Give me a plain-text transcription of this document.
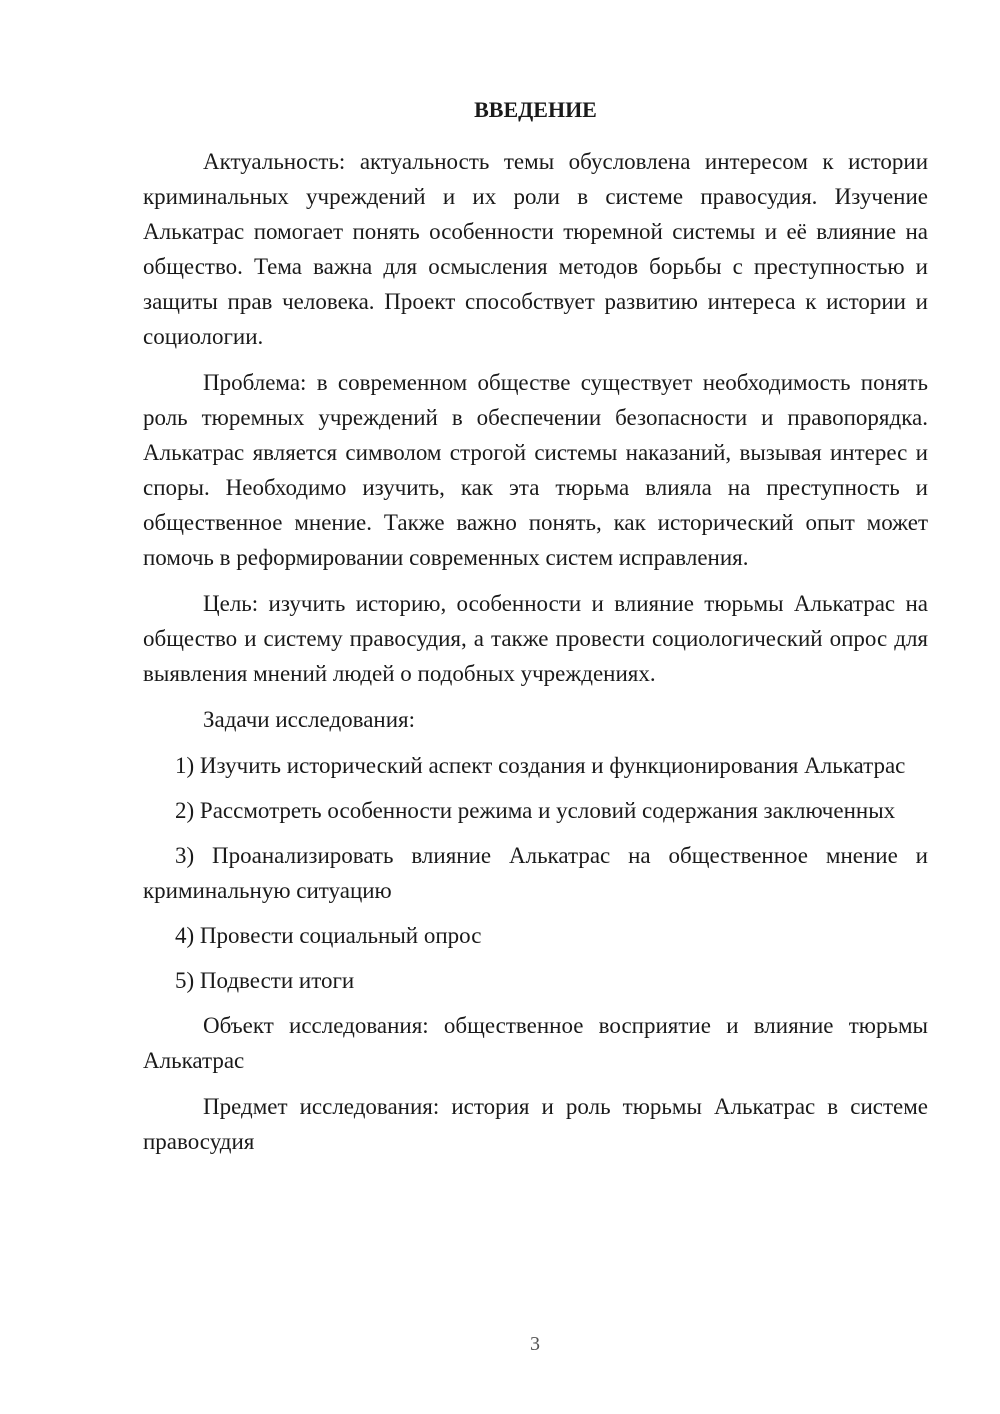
ВВЕДЕНИЕ

Актуальность: актуальность темы обусловлена интересом к истории криминальных учреждений и их роли в системе правосудия. Изучение Алькатрас помогает понять особенности тюремной системы и её влияние на общество. Тема важна для осмысления методов борьбы с преступностью и защиты прав человека. Проект способствует развитию интереса к истории и социологии.

Проблема: в современном обществе существует необходимость понять роль тюремных учреждений в обеспечении безопасности и правопорядка. Алькатрас является символом строгой системы наказаний, вызывая интерес и споры. Необходимо изучить, как эта тюрьма влияла на преступность и общественное мнение. Также важно понять, как исторический опыт может помочь в реформировании современных систем исправления.

Цель: изучить историю, особенности и влияние тюрьмы Алькатрас на общество и систему правосудия, а также провести социологический опрос для выявления мнений людей о подобных учреждениях.

Задачи исследования:

1) Изучить исторический аспект создания и функционирования Алькатрас

2) Рассмотреть особенности режима и условий содержания заключенных

3) Проанализировать влияние Алькатрас на общественное мнение и криминальную ситуацию

4) Провести социальный опрос

5) Подвести итоги

Объект исследования: общественное восприятие и влияние тюрьмы Алькатрас

Предмет исследования: история и роль тюрьмы Алькатрас в системе правосудия

3
